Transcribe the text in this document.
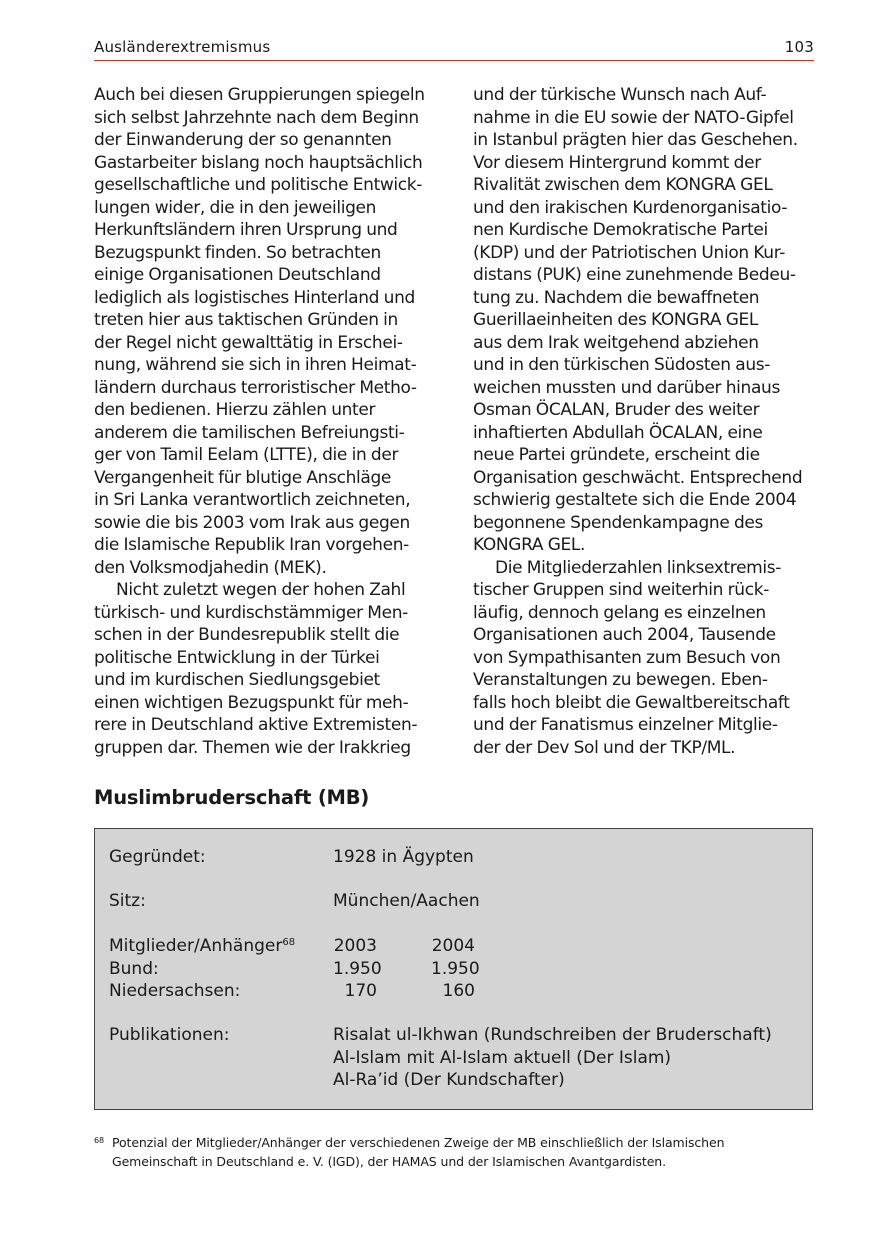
Ausländerextremismus	103

Auch bei diesen Gruppierungen spiegeln
sich selbst Jahrzehnte nach dem Beginn
der Einwanderung der so genannten
Gastarbeiter bislang noch hauptsächlich
gesellschaftliche und politische Entwick-
lungen wider, die in den jeweiligen
Herkunftsländern ihren Ursprung und
Bezugspunkt finden. So betrachten
einige Organisationen Deutschland
lediglich als logistisches Hinterland und
treten hier aus taktischen Gründen in
der Regel nicht gewalttätig in Erschei-
nung, während sie sich in ihren Heimat-
ländern durchaus terroristischer Metho-
den bedienen. Hierzu zählen unter
anderem die tamilischen Befreiungsti-
ger von Tamil Eelam (LTTE), die in der
Vergangenheit für blutige Anschläge
in Sri Lanka verantwortlich zeichneten,
sowie die bis 2003 vom Irak aus gegen
die Islamische Republik Iran vorgehen-
den Volksmodjahedin (MEK).

Nicht zuletzt wegen der hohen Zahl
türkisch- und kurdischstämmiger Men-
schen in der Bundesrepublik stellt die
politische Entwicklung in der Türkei
und im kurdischen Siedlungsgebiet
einen wichtigen Bezugspunkt für meh-
rere in Deutschland aktive Extremisten-
gruppen dar. Themen wie der Irakkrieg

und der türkische Wunsch nach Auf-
nahme in die EU sowie der NATO-Gipfel
in Istanbul prägten hier das Geschehen.
Vor diesem Hintergrund kommt der
Rivalität zwischen dem KONGRA GEL
und den irakischen Kurdenorganisatio-
nen Kurdische Demokratische Partei
(KDP) und der Patriotischen Union Kur-
distans (PUK) eine zunehmende Bedeu-
tung zu. Nachdem die bewaffneten
Guerillaeinheiten des KONGRA GEL
aus dem Irak weitgehend abziehen
und in den türkischen Südosten aus-
weichen mussten und darüber hinaus
Osman ÖCALAN, Bruder des weiter
inhaftierten Abdullah ÖCALAN, eine
neue Partei gründete, erscheint die
Organisation geschwächt. Entsprechend
schwierig gestaltete sich die Ende 2004
begonnene Spendenkampagne des
KONGRA GEL.

Die Mitgliederzahlen linksextremis-
tischer Gruppen sind weiterhin rück-
läufig, dennoch gelang es einzelnen
Organisationen auch 2004, Tausende
von Sympathisanten zum Besuch von
Veranstaltungen zu bewegen. Eben-
falls hoch bleibt die Gewaltbereitschaft
und der Fanatismus einzelner Mitglie-
der der Dev Sol und der TKP/ML.

Muslimbruderschaft (MB)
Gegründet:	1928 in Ägypten
Sitz:	München/Aachen
Mitglieder/Anhänger$^{68}$ 2003	2004
Bund:	1.950	1.950
Niedersachsen:	170	160
Publikationen:	Risalat ul-Ikhwan (Rundschreiben der Bruderschaft)
Al-Islam mit Al-Islam aktuell (Der Islam)
Al-Ra’id (Der Kundschafter)
68 Potenzial der Mitglieder/Anhänger der verschiedenen Zweige der MB einschließlich der Islamischen
Gemeinschaft in Deutschland e. V. (IGD), der HAMAS und der Islamischen Avantgardisten.
